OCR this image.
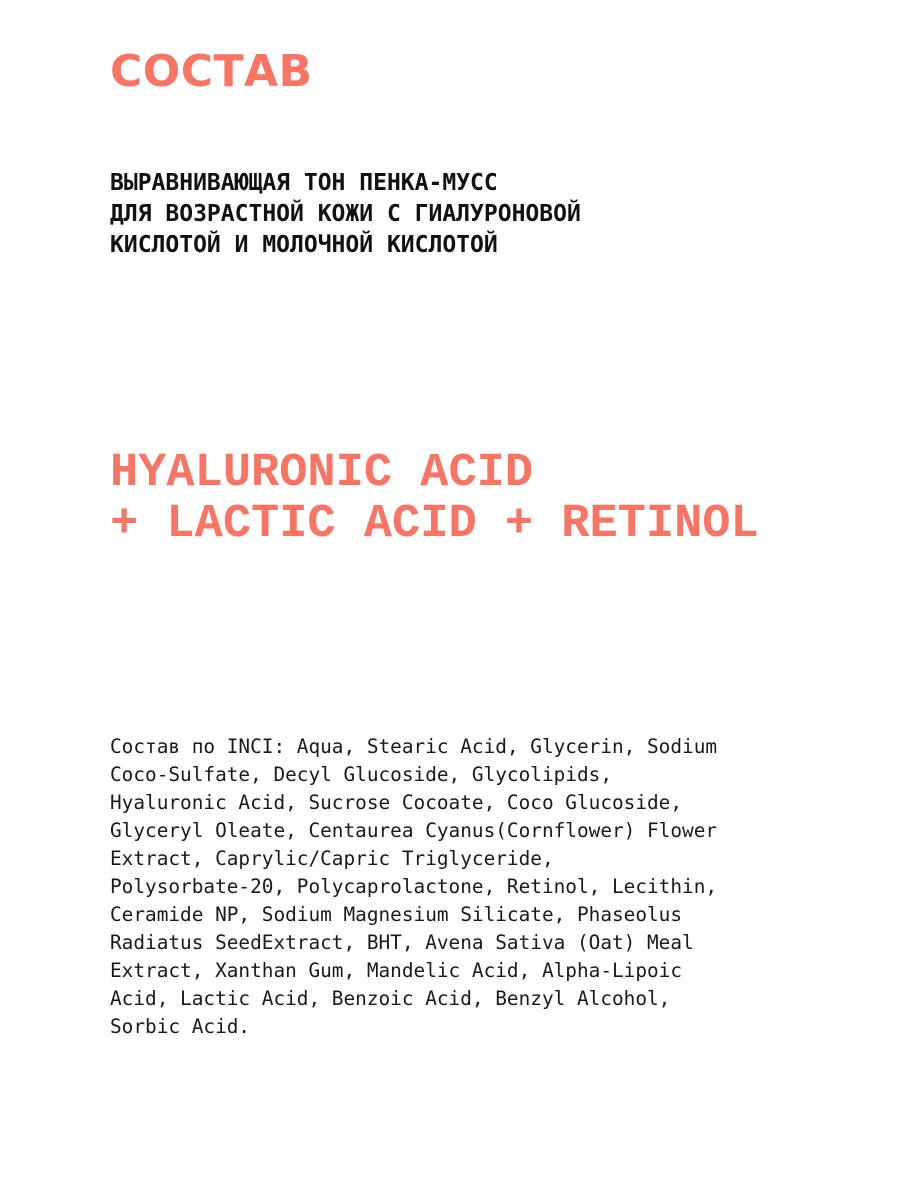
СОСТАВ
ВЫРАВНИВАЮЩАЯ ТОН ПЕНКА-МУСС
ДЛЯ ВОЗРАСТНОЙ КОЖИ С ГИАЛУРОНОВОЙ
КИСЛОТОЙ И МОЛОЧНОЙ КИСЛОТОЙ
HYALURONIC ACID
+ LACTIC ACID + RETINOL

Состав по INCI: Aqua, Stearic Acid, Glycerin, Sodium
Coco-Sulfate, Decyl Glucoside, Glycolipids,
Hyaluronic Acid, Sucrose Cocoate, Coco Glucoside,
Glyceryl Oleate, Centaurea Cyanus(Cornflower) Flower
Extract, Caprylic/Capric Triglyceride,
Polysorbate-20, Polycaprolactone, Retinol, Lecithin,
Ceramide NP, Sodium Magnesium Silicate, Phaseolus
Radiatus SeedExtract, BHT, Avena Sativa (Oat) Meal
Extract, Xanthan Gum, Mandelic Acid, Alpha-Lipoic
Acid, Lactic Acid, Benzoic Acid, Benzyl Alcohol,
Sorbic Acid.
